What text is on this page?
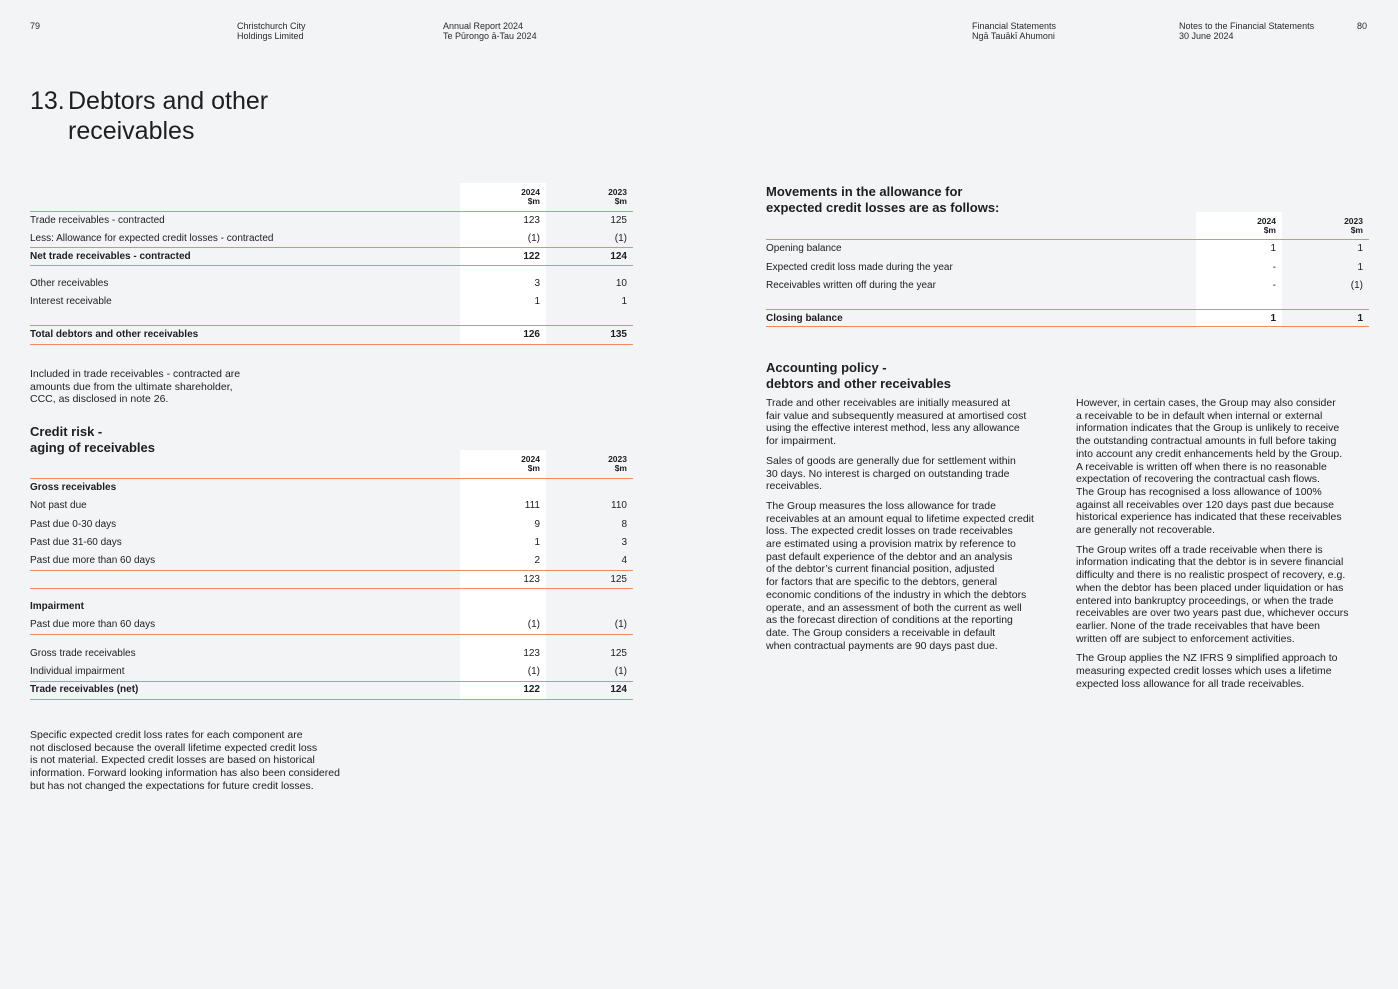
79	Christchurch City
Holdings Limited
Annual Report 2024
Te Pūrongo ā-Tau 2024
Financial Statements
Ngā Tauākī Ahumoni
Notes to the Financial Statements
30 June 2024
80
13. Debtors and other
receivables
2024
$m
2023
$m
Trade receivables - contracted	123	125
Less: Allowance for expected credit losses - contracted	(1)	(1)
Net trade receivables - contracted	122	124
Other receivables	3	10
Interest receivable	1	1
Total debtors and other receivables	126	135
Included in trade receivables - contracted are
amounts due from the ultimate shareholder,
CCC, as disclosed in note 26.
Credit risk -
aging of receivables
2024
$m
2023
$m
Gross receivables
Not past due	111	110
Past due 0-30 days	9	8
Past due 31-60 days	1	3
Past due more than 60 days	2	4
123	125
Impairment
Past due more than 60 days	(1)	(1)
Gross trade receivables	123	125
Individual impairment	(1)	(1)
Trade receivables (net)	122	124
Specific expected credit loss rates for each component are
not disclosed because the overall lifetime expected credit loss
is not material. Expected credit losses are based on historical
information. Forward looking information has also been considered
but has not changed the expectations for future credit losses.
Movements in the allowance for
expected credit losses are as follows:
2024
$m
2023
$m
Opening balance	1	1
Expected credit loss made during the year	-	1
Receivables written off during the year	-	(1)
Closing balance	1	1
Accounting policy -
debtors and other receivables

Trade and other receivables are initially measured at
fair value and subsequently measured at amortised cost
using the effective interest method, less any allowance
for impairment.

Sales of goods are generally due for settlement within
30 days. No interest is charged on outstanding trade
receivables.

The Group measures the loss allowance for trade
receivables at an amount equal to lifetime expected credit
loss. The expected credit losses on trade receivables
are estimated using a provision matrix by reference to
past default experience of the debtor and an analysis
of the debtor’s current financial position, adjusted
for factors that are specific to the debtors, general
economic conditions of the industry in which the debtors
operate, and an assessment of both the current as well
as the forecast direction of conditions at the reporting
date. The Group considers a receivable in default
when contractual payments are 90 days past due.

However, in certain cases, the Group may also consider
a receivable to be in default when internal or external
information indicates that the Group is unlikely to receive
the outstanding contractual amounts in full before taking
into account any credit enhancements held by the Group.
A receivable is written off when there is no reasonable
expectation of recovering the contractual cash flows.
The Group has recognised a loss allowance of 100%
against all receivables over 120 days past due because
historical experience has indicated that these receivables
are generally not recoverable.

The Group writes off a trade receivable when there is
information indicating that the debtor is in severe financial
difficulty and there is no realistic prospect of recovery, e.g.
when the debtor has been placed under liquidation or has
entered into bankruptcy proceedings, or when the trade
receivables are over two years past due, whichever occurs
earlier. None of the trade receivables that have been
written off are subject to enforcement activities.

The Group applies the NZ IFRS 9 simplified approach to
measuring expected credit losses which uses a lifetime
expected loss allowance for all trade receivables.
